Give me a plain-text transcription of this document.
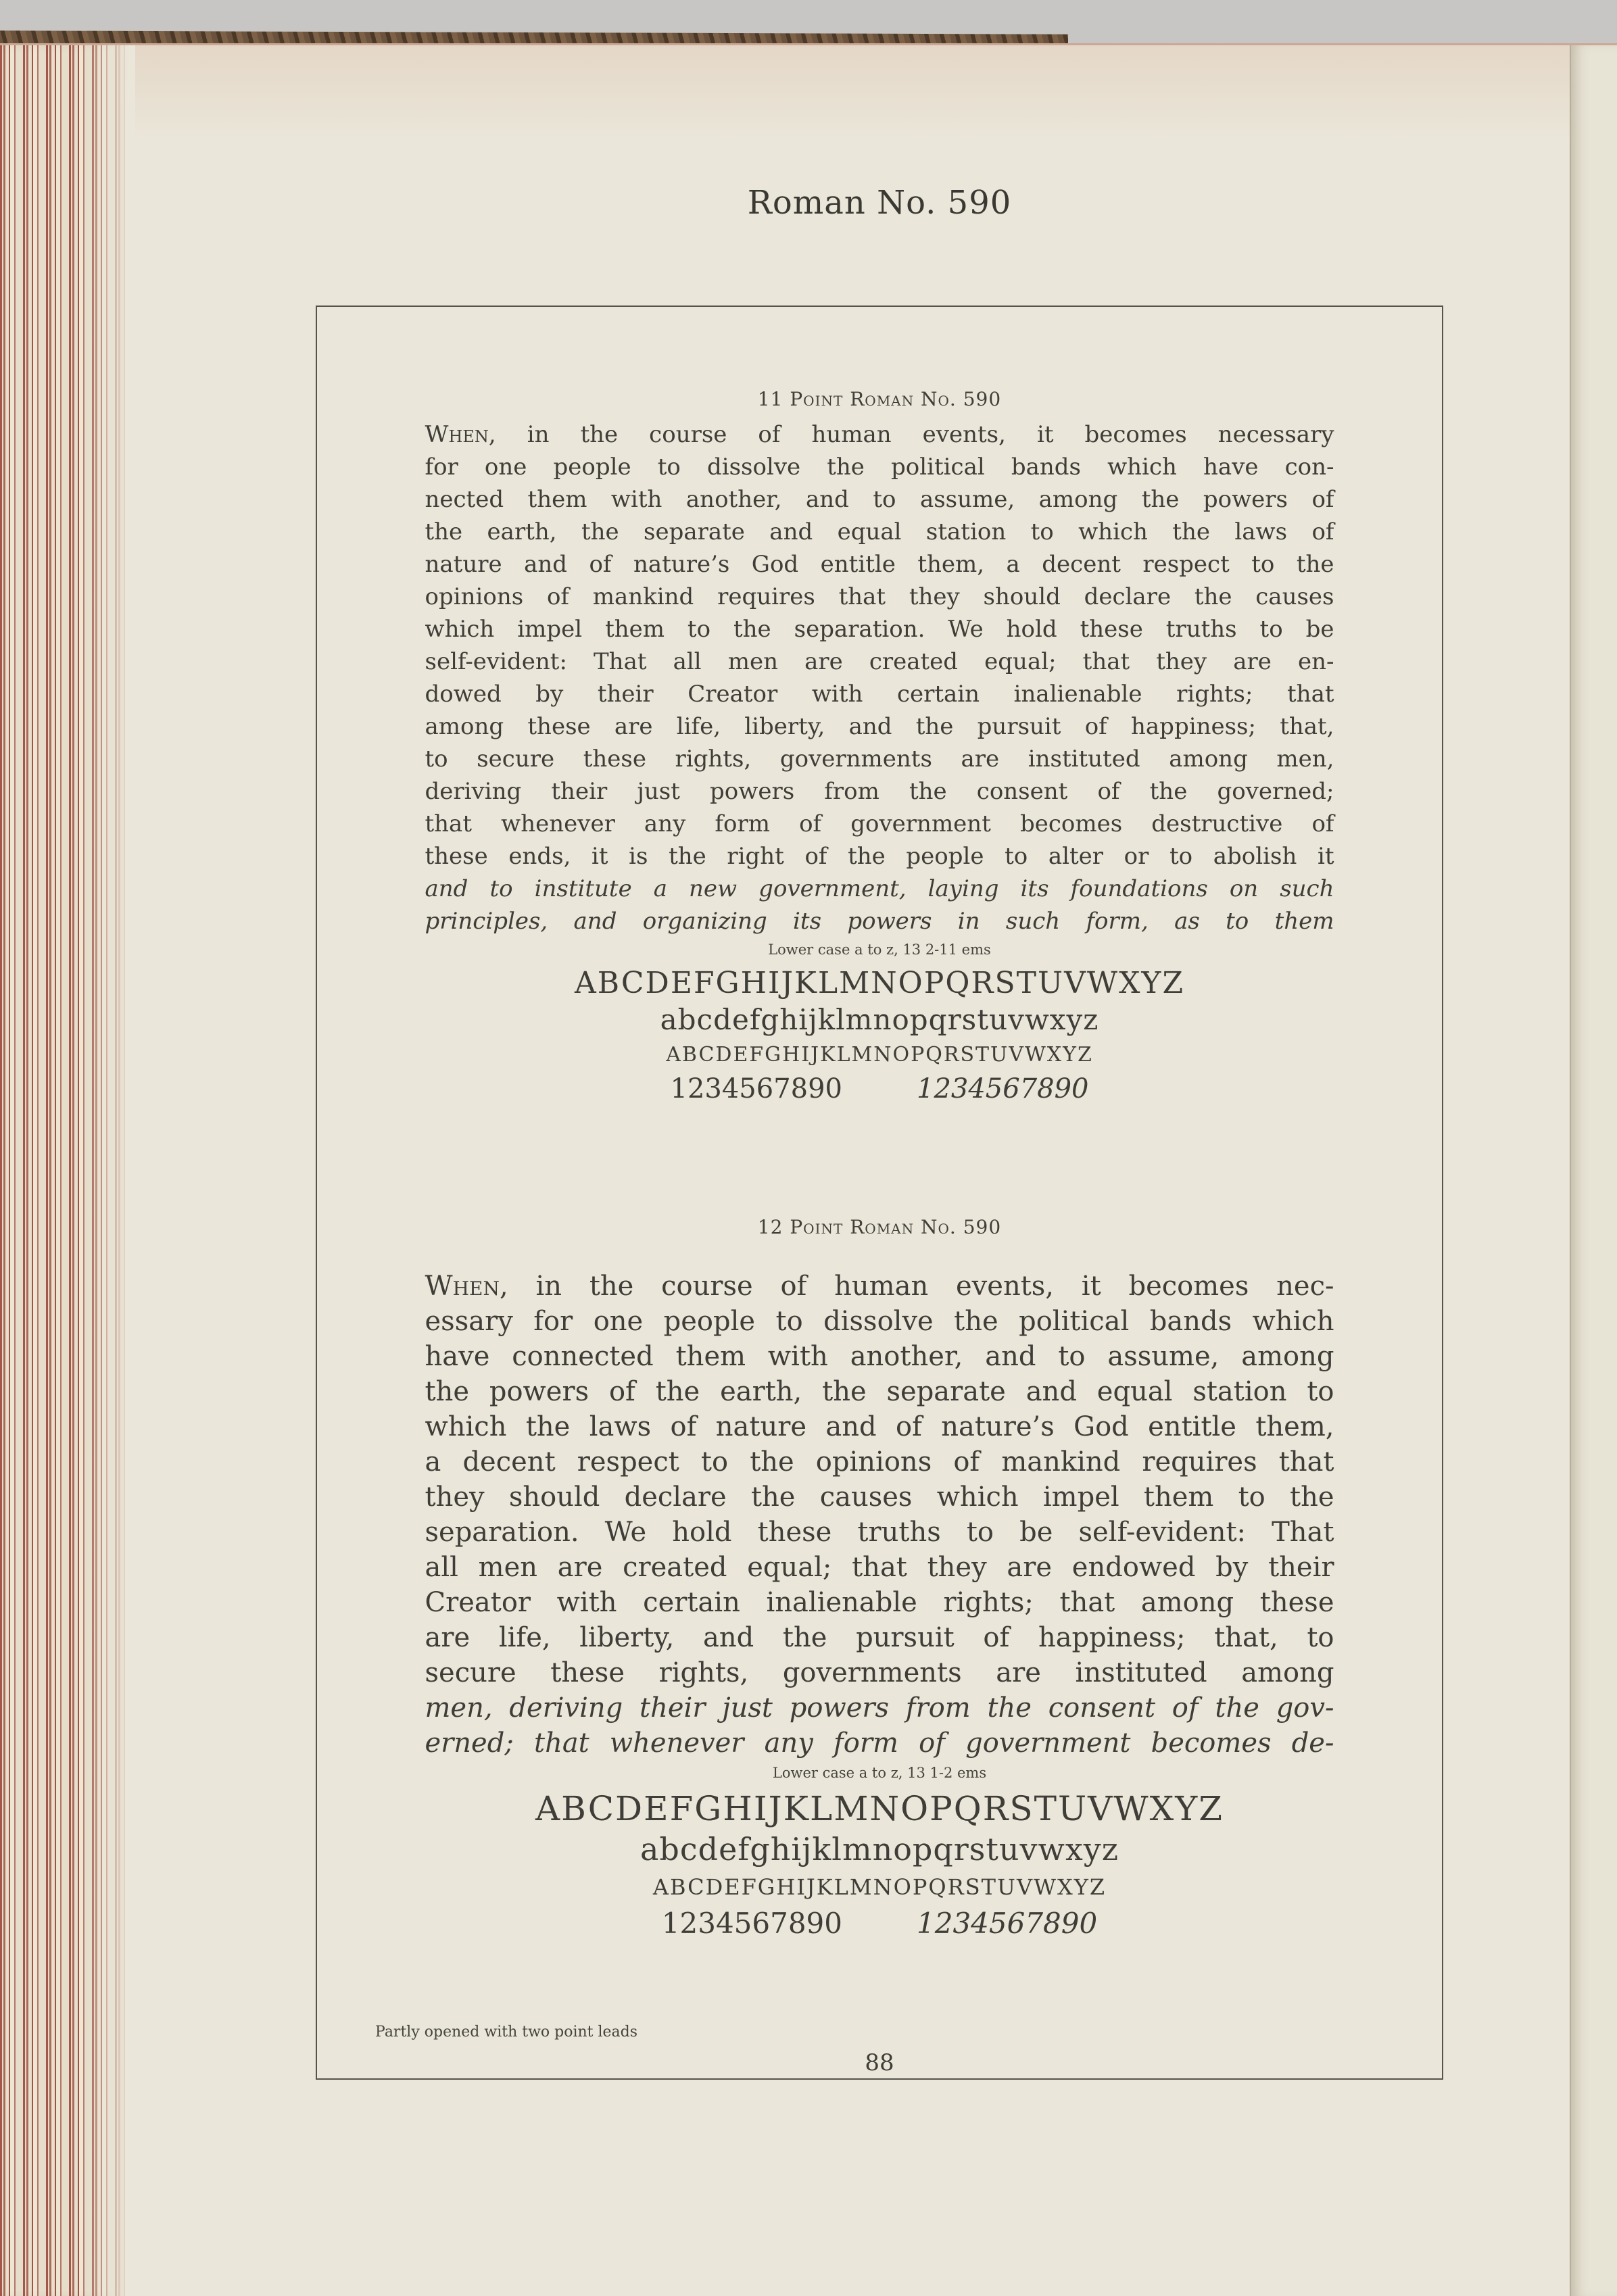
Roman No. 590
11 Point Roman No. 590
When, in the course of human events, it becomes necessary
for one people to dissolve the political bands which have con-
nected them with another, and to assume, among the powers of
the earth, the separate and equal station to which the laws of
nature and of nature’s God entitle them, a decent respect to the
opinions of mankind requires that they should declare the causes
which impel them to the separation. We hold these truths to be
self-evident: That all men are created equal; that they are en-
dowed by their Creator with certain inalienable rights; that
among these are life, liberty, and the pursuit of happiness; that,
to secure these rights, governments are instituted among men,
deriving their just powers from the consent of the governed;
that whenever any form of government becomes destructive of
these ends, it is the right of the people to alter or to abolish it
and to institute a new government, laying its foundations on such
principles, and organizing its powers in such form, as to them
Lower case a to z, 13 2-11 ems
ABCDEFGHIJKLMNOPQRSTUVWXYZ
abcdefghijklmnopqrstuvwxyz
ABCDEFGHIJKLMNOPQRSTUVWXYZ
1234567890	1234567890
12 Point Roman No. 590
When, in the course of human events, it becomes nec-
essary for one people to dissolve the political bands which
have connected them with another, and to assume, among
the powers of the earth, the separate and equal station to
which the laws of nature and of nature’s God entitle them,
a decent respect to the opinions of mankind requires that
they should declare the causes which impel them to the
separation. We hold these truths to be self-evident: That
all men are created equal; that they are endowed by their
Creator with certain inalienable rights; that among these
are life, liberty, and the pursuit of happiness; that, to
secure these rights, governments are instituted among
men, deriving their just powers from the consent of the gov-
erned; that whenever any form of government becomes de-
Lower case a to z, 13 1-2 ems
ABCDEFGHIJKLMNOPQRSTUVWXYZ
abcdefghijklmnopqrstuvwxyz
ABCDEFGHIJKLMNOPQRSTUVWXYZ
1234567890	1234567890
Partly opened with two point leads
88
